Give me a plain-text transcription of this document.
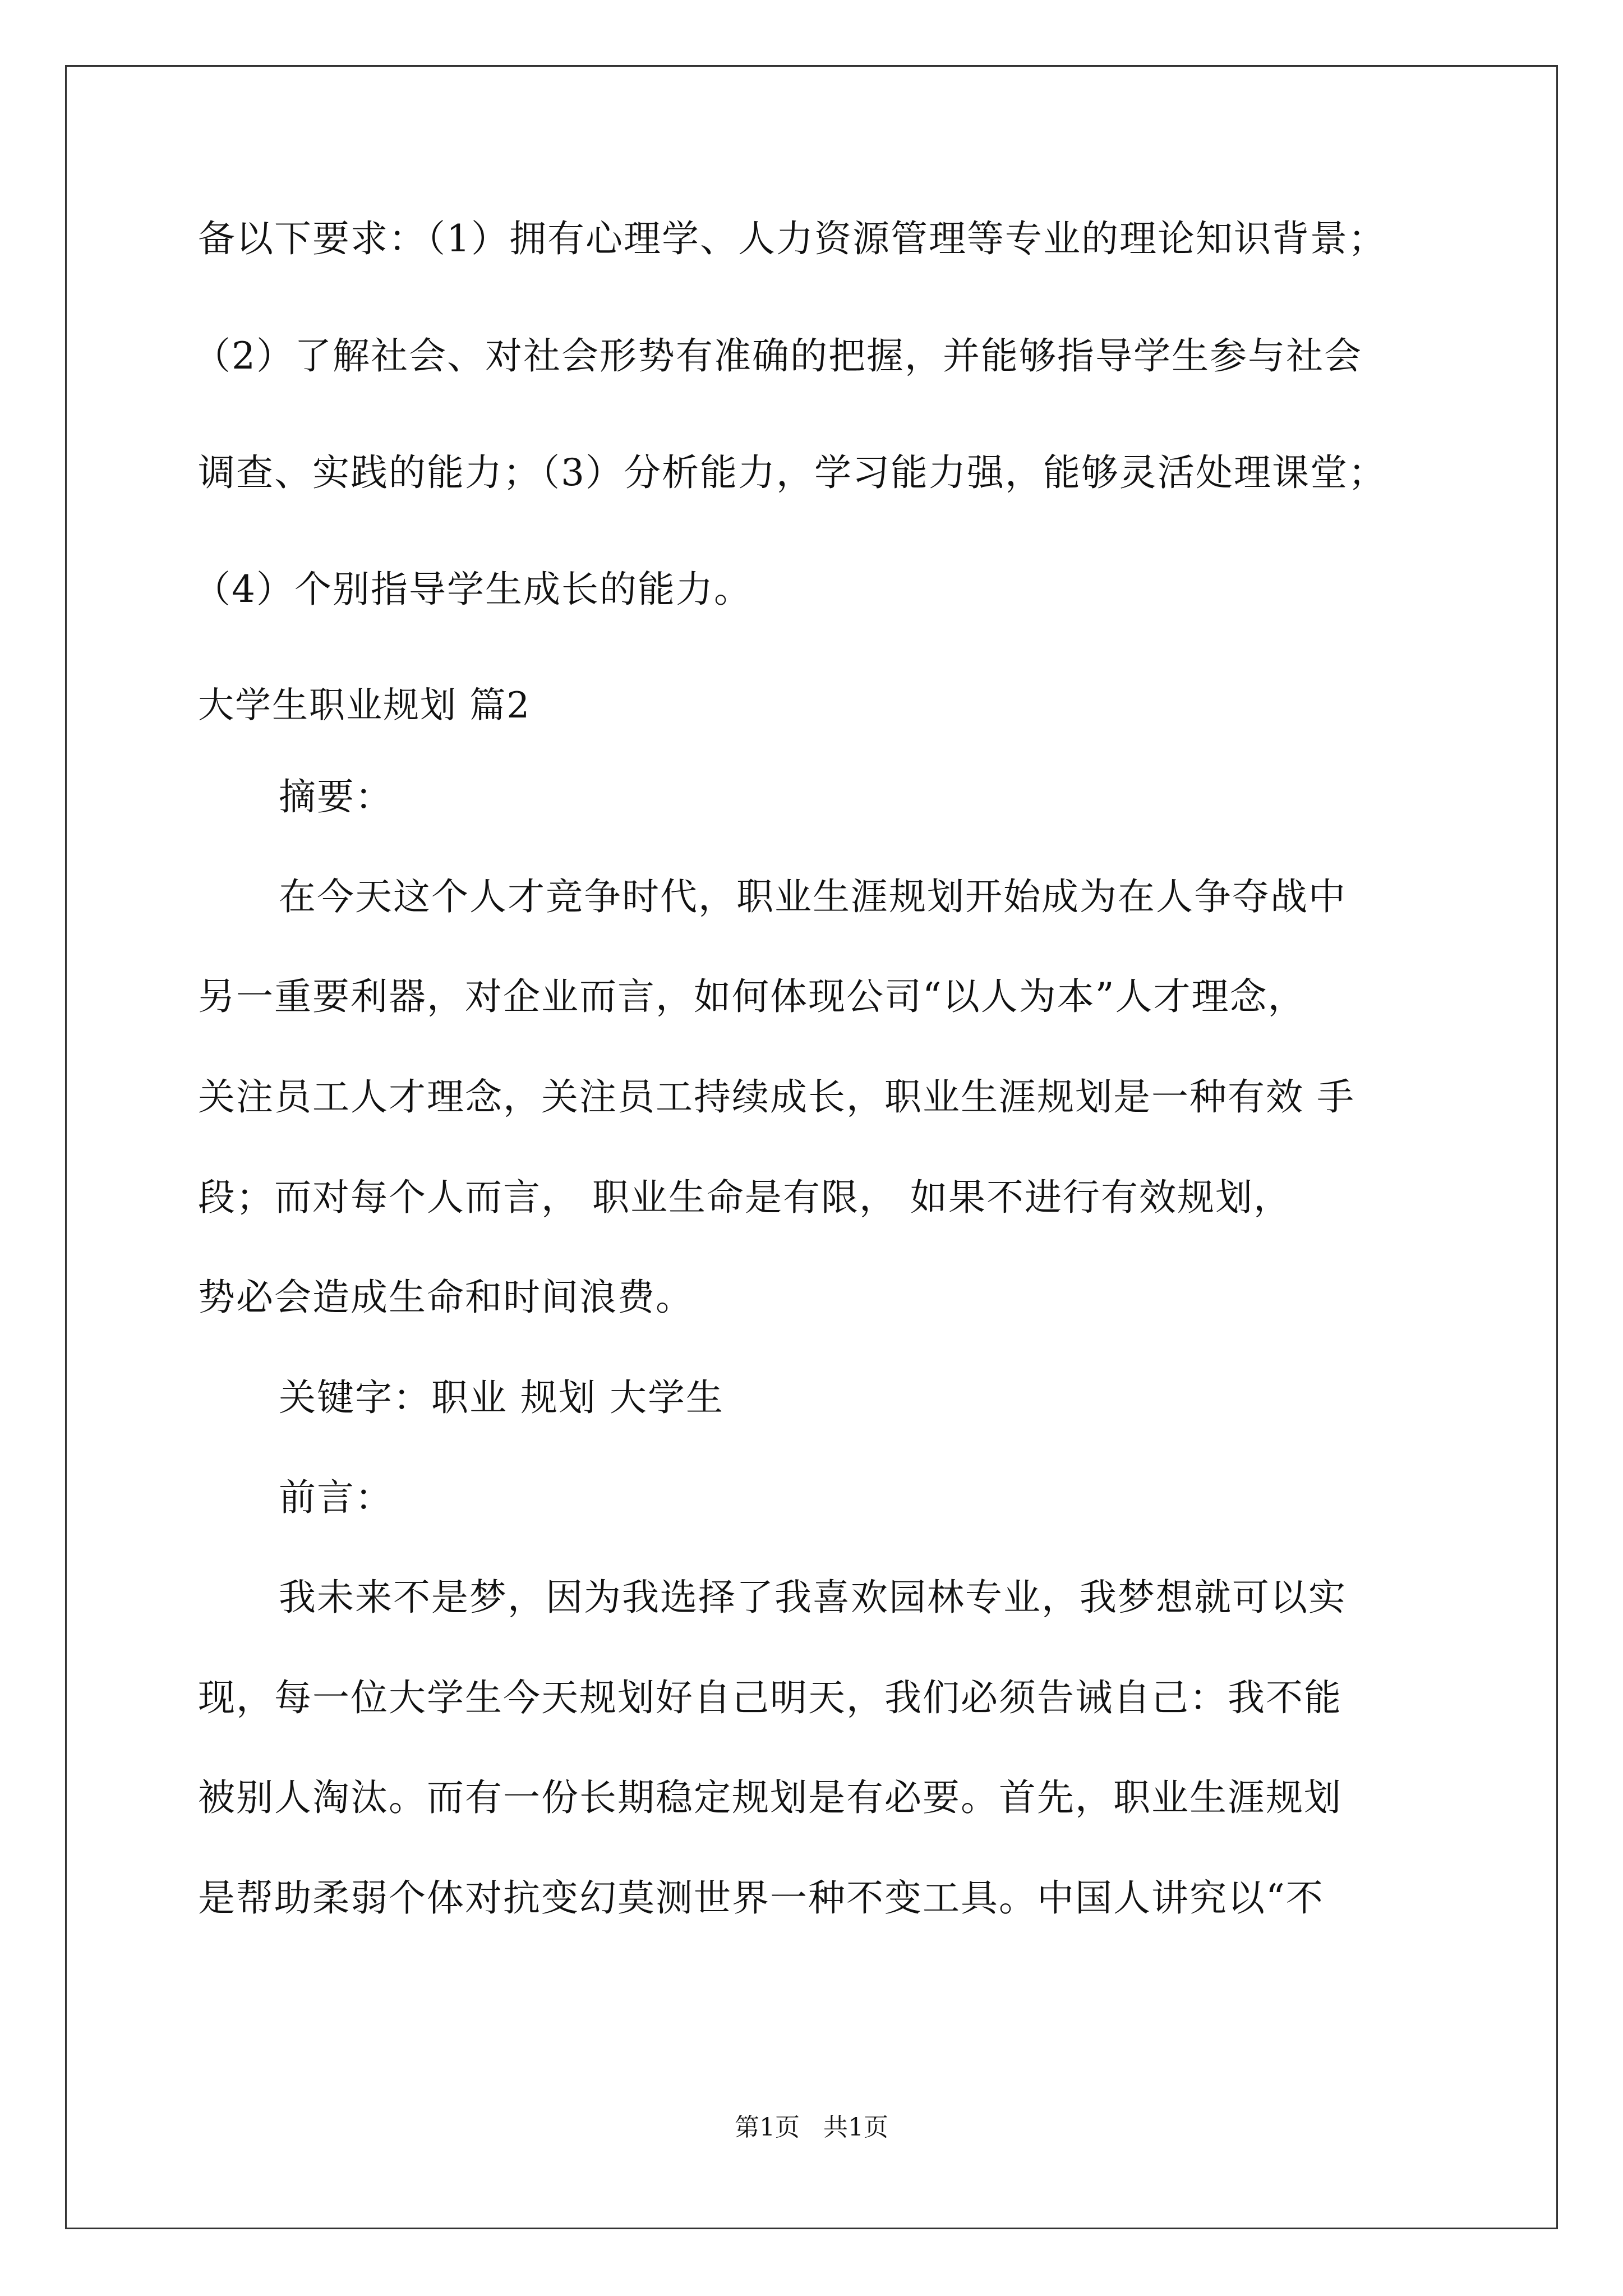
备以下要求：（1）拥有心理学、人力资源管理等专业的理论知识背景；
（2）了解社会、对社会形势有准确的把握，并能够指导学生参与社会
调查、实践的能力；（3）分析能力，学习能力强，能够灵活处理课堂；
（4）个别指导学生成长的能力。
大学生职业规划 篇2
摘要：
在今天这个人才竞争时代，职业生涯规划开始成为在人争夺战中
另一重要利器，对企业而言，如何体现公司“以人为本”人才理念，
关注员工人才理念，关注员工持续成长，职业生涯规划是一种有效 手
段；而对每个人而言， 职业生命是有限， 如果不进行有效规划，
势必会造成生命和时间浪费。
关键字：职业 规划 大学生
前言：
我未来不是梦，因为我选择了我喜欢园林专业，我梦想就可以实
现，每一位大学生今天规划好自己明天，我们必须告诫自己：我不能
被别人淘汰。而有一份长期稳定规划是有必要。首先，职业生涯规划
是帮助柔弱个体对抗变幻莫测世界一种不变工具。中国人讲究以“不
第1页   共1页
